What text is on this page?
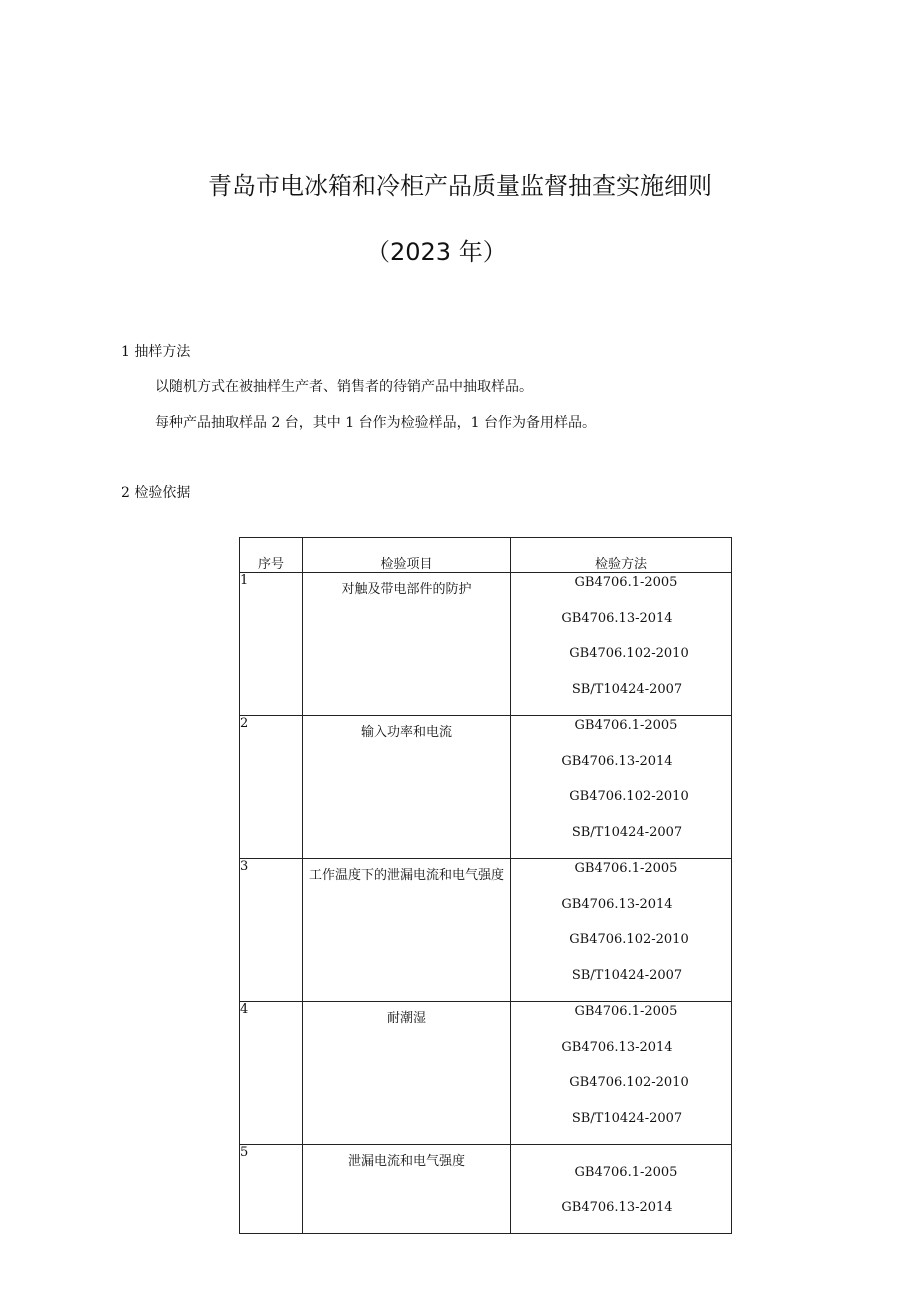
青岛市电冰箱和冷柜产品质量监督抽查实施细则
（2023 年）
1 抽样方法
以随机方式在被抽样生产者、销售者的待销产品中抽取样品。
每种产品抽取样品 2 台，其中 1 台作为检验样品，1 台作为备用样品。
2 检验依据
序号	检验项目	检验方法
1	对触及带电部件的防护	GB4706.1-2005
GB4706.13-2014
GB4706.102-2010
SB/T10424-2007

2	输入功率和电流	GB4706.1-2005
GB4706.13-2014
GB4706.102-2010
SB/T10424-2007

3	工作温度下的泄漏电流和电气强度	GB4706.1-2005
GB4706.13-2014
GB4706.102-2010
SB/T10424-2007

4	耐潮湿	GB4706.1-2005
GB4706.13-2014
GB4706.102-2010
SB/T10424-2007

5	泄漏电流和电气强度	GB4706.1-2005
GB4706.13-2014
